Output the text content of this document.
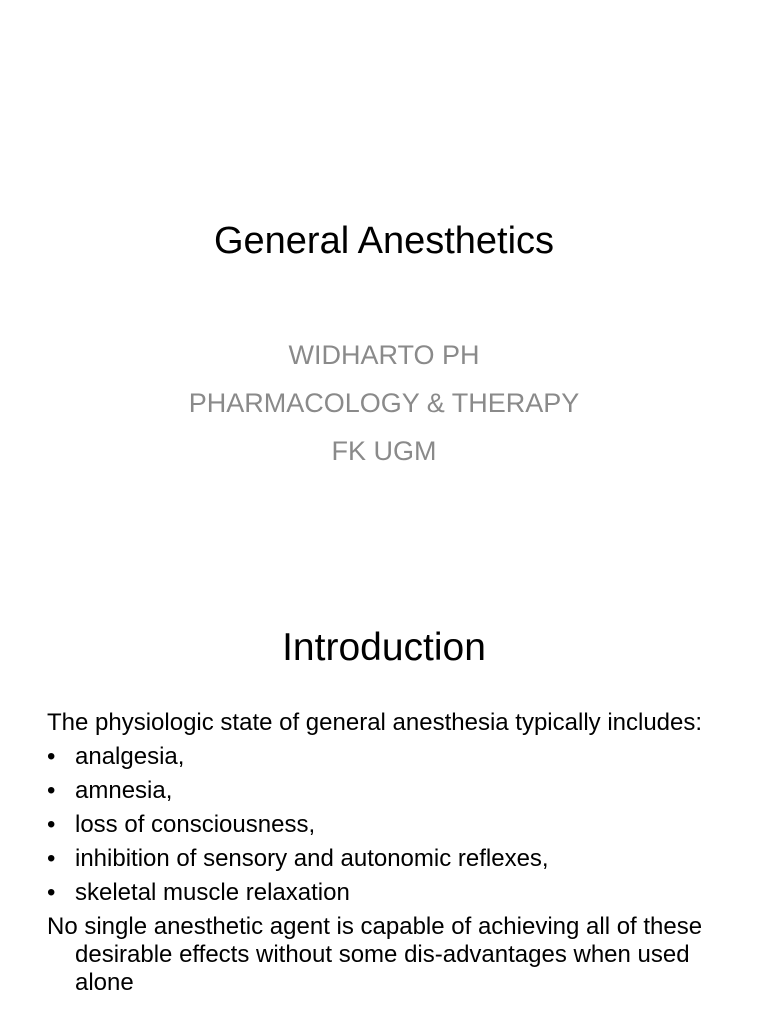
General Anesthetics
WIDHARTO PH
PHARMACOLOGY & THERAPY
FK UGM
Introduction

The physiologic state of general anesthesia typically includes:

• analgesia,
• amnesia,
• loss of consciousness,
• inhibition of sensory and autonomic reflexes,
• skeletal muscle relaxation

No single anesthetic agent is capable of achieving all of these desirable effects without some dis-advantages when used alone
